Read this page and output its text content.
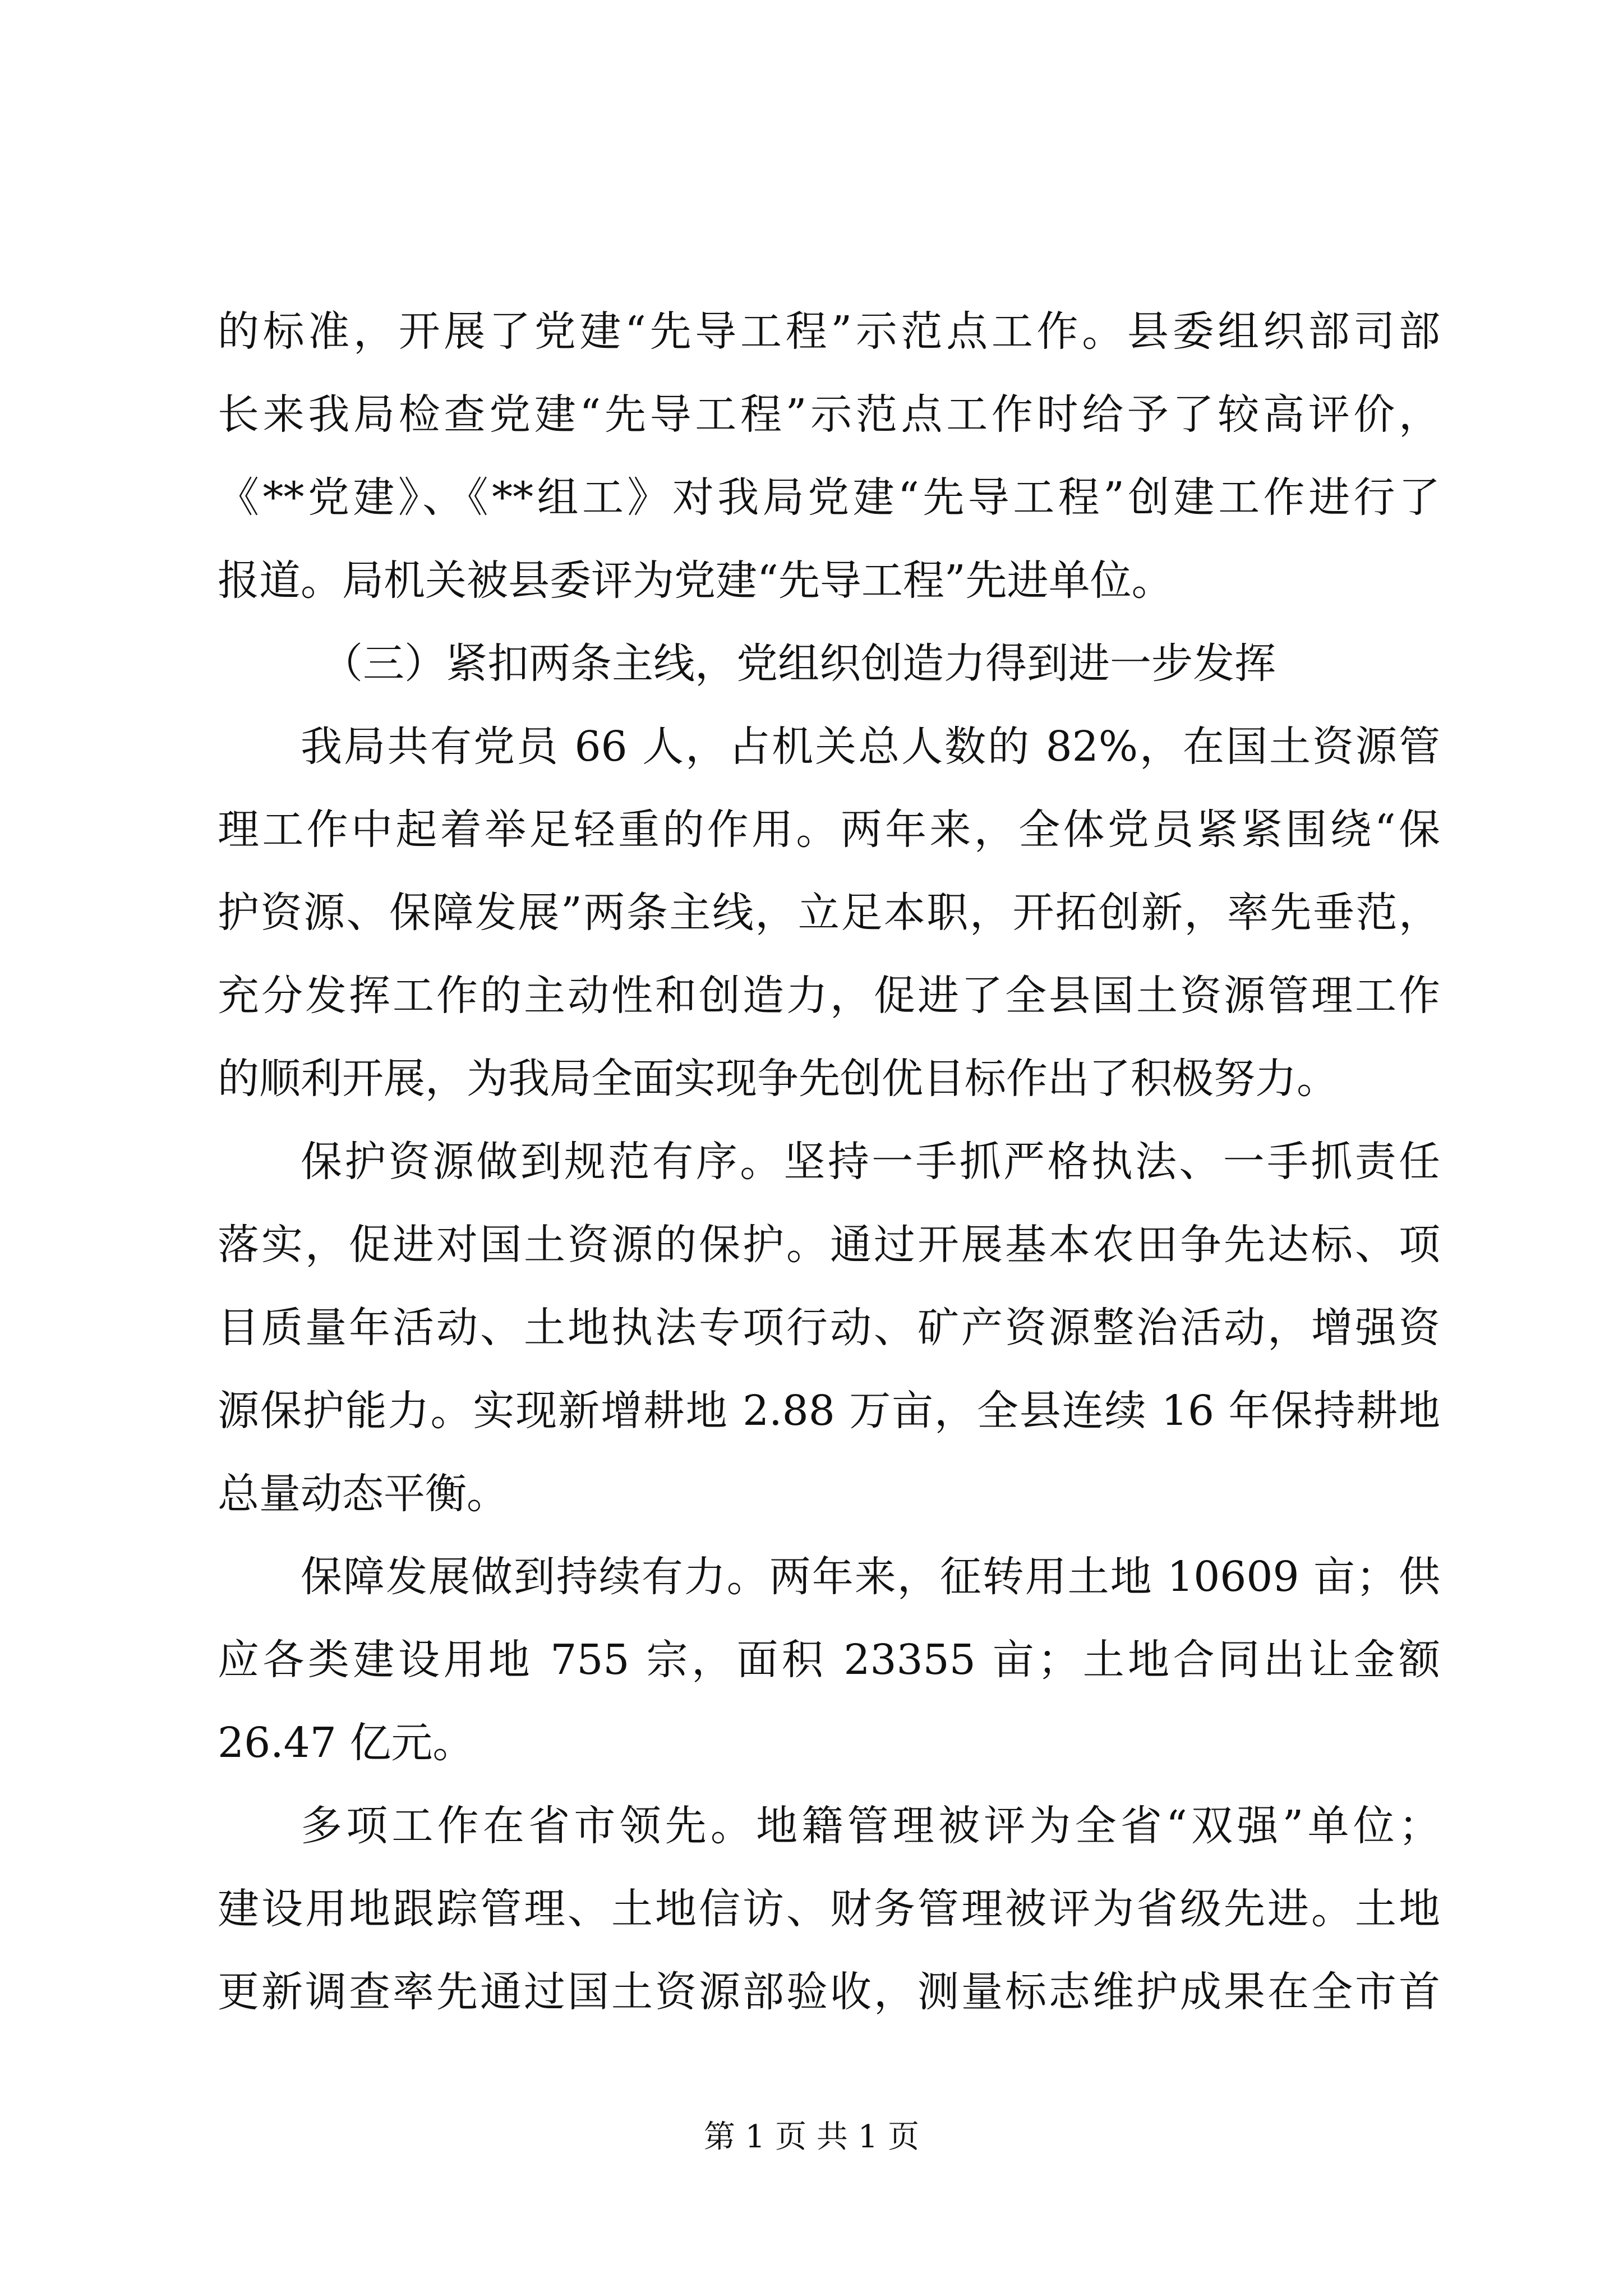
的标准，开展了党建“先导工程”示范点工作。县委组织部司部
长来我局检查党建“先导工程”示范点工作时给予了较高评价，
《**党建》、《**组工》对我局党建“先导工程”创建工作进行了
报道。局机关被县委评为党建“先导工程”先进单位。
（三）紧扣两条主线，党组织创造力得到进一步发挥
我局共有党员 66 人，占机关总人数的 82%，在国土资源管
理工作中起着举足轻重的作用。两年来，全体党员紧紧围绕“保
护资源、保障发展”两条主线，立足本职，开拓创新，率先垂范，
充分发挥工作的主动性和创造力，促进了全县国土资源管理工作
的顺利开展，为我局全面实现争先创优目标作出了积极努力。
保护资源做到规范有序。坚持一手抓严格执法、一手抓责任
落实，促进对国土资源的保护。通过开展基本农田争先达标、项
目质量年活动、土地执法专项行动、矿产资源整治活动，增强资
源保护能力。实现新增耕地 2.88 万亩，全县连续 16 年保持耕地
总量动态平衡。
保障发展做到持续有力。两年来，征转用土地 10609 亩；供
应各类建设用地 755 宗，面积 23355 亩；土地合同出让金额
26.47 亿元。
多项工作在省市领先。地籍管理被评为全省“双强”单位；
建设用地跟踪管理、土地信访、财务管理被评为省级先进。土地
更新调查率先通过国土资源部验收，测量标志维护成果在全市首
第 1 页 共 1 页
